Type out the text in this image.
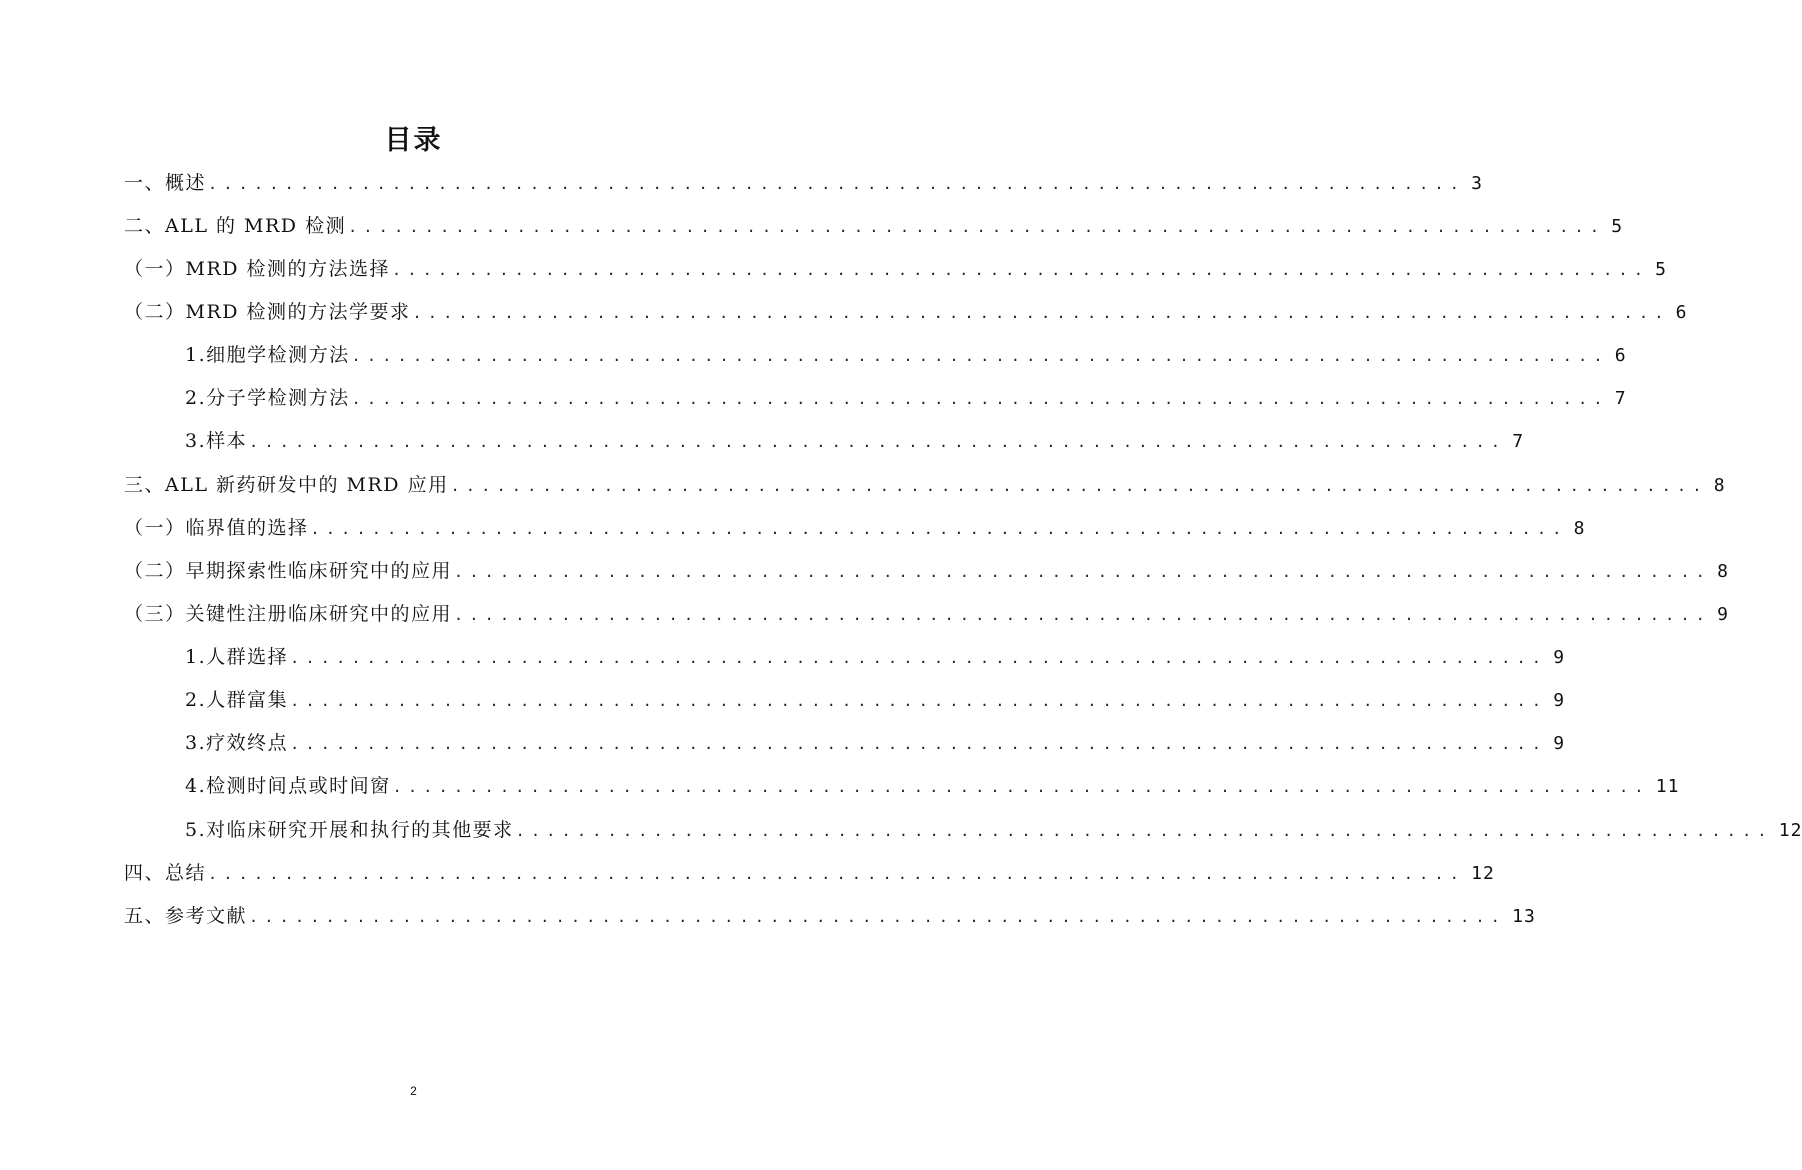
目录
一、概述 .................................................................................. 3
二、ALL 的 MRD 检测 .................................................................................. 5
（一）MRD 检测的方法选择 .................................................................................. 5
（二）MRD 检测的方法学要求 .................................................................................. 6
1.细胞学检测方法 .................................................................................. 6
2.分子学检测方法 .................................................................................. 7
3.样本 .................................................................................. 7
三、ALL 新药研发中的 MRD 应用 .................................................................................. 8
（一）临界值的选择 .................................................................................. 8
（二）早期探索性临床研究中的应用 .................................................................................. 8
（三）关键性注册临床研究中的应用 .................................................................................. 9
1.人群选择 .................................................................................. 9
2.人群富集 .................................................................................. 9
3.疗效终点 .................................................................................. 9
4.检测时间点或时间窗 .................................................................................. 11
5.对临床研究开展和执行的其他要求 .................................................................................. 12
四、总结 .................................................................................. 12
五、参考文献 .................................................................................. 13
2
